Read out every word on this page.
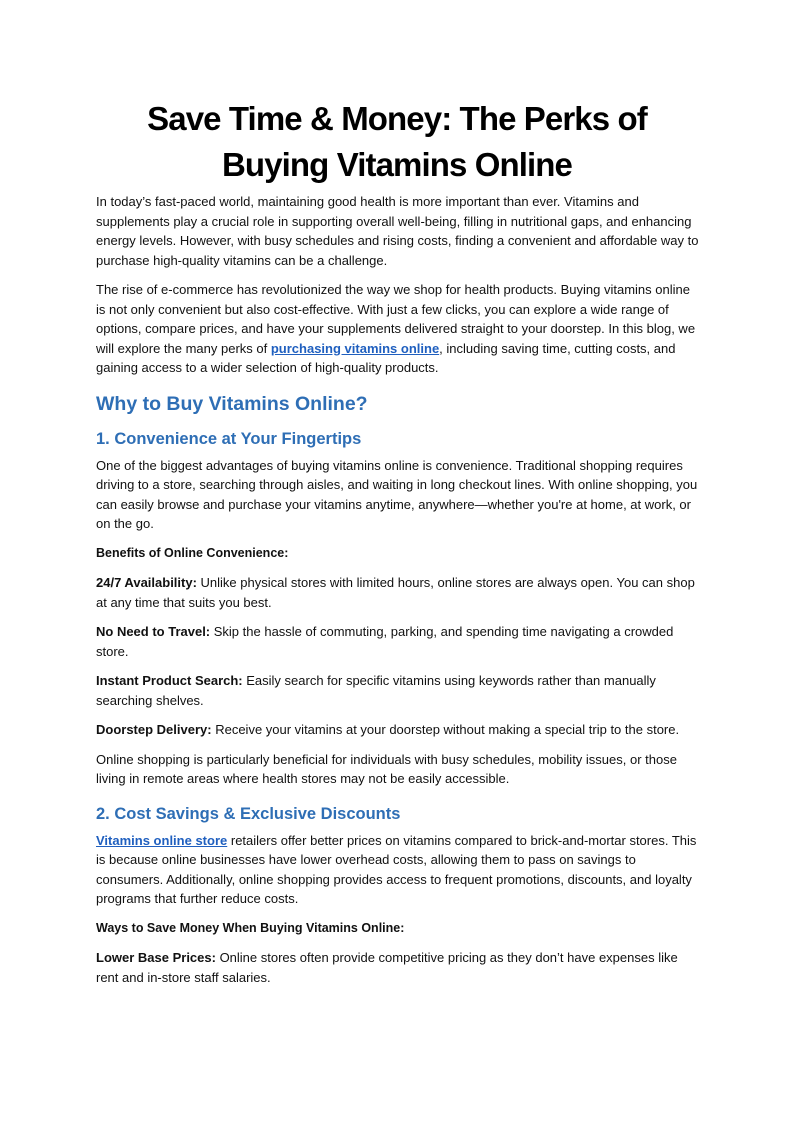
Save Time & Money: The Perks of
Buying Vitamins Online

In today’s fast-paced world, maintaining good health is more important than ever. Vitamins and supplements play a crucial role in supporting overall well-being, filling in nutritional gaps, and enhancing energy levels. However, with busy schedules and rising costs, finding a convenient and affordable way to purchase high-quality vitamins can be a challenge.

The rise of e-commerce has revolutionized the way we shop for health products. Buying vitamins online is not only convenient but also cost-effective. With just a few clicks, you can explore a wide range of options, compare prices, and have your supplements delivered straight to your doorstep. In this blog, we will explore the many perks of purchasing vitamins online, including saving time, cutting costs, and gaining access to a wider selection of high-quality products.

Why to Buy Vitamins Online?
1. Convenience at Your Fingertips

One of the biggest advantages of buying vitamins online is convenience. Traditional shopping requires driving to a store, searching through aisles, and waiting in long checkout lines. With online shopping, you can easily browse and purchase your vitamins anytime, anywhere—whether you're at home, at work, or on the go.

Benefits of Online Convenience:

24/7 Availability: Unlike physical stores with limited hours, online stores are always open. You can shop at any time that suits you best.

No Need to Travel: Skip the hassle of commuting, parking, and spending time navigating a crowded store.

Instant Product Search: Easily search for specific vitamins using keywords rather than manually searching shelves.

Doorstep Delivery: Receive your vitamins at your doorstep without making a special trip to the store.

Online shopping is particularly beneficial for individuals with busy schedules, mobility issues, or those living in remote areas where health stores may not be easily accessible.

2. Cost Savings & Exclusive Discounts

Vitamins online store retailers offer better prices on vitamins compared to brick-and-mortar stores. This is because online businesses have lower overhead costs, allowing them to pass on savings to consumers. Additionally, online shopping provides access to frequent promotions, discounts, and loyalty programs that further reduce costs.

Ways to Save Money When Buying Vitamins Online:

Lower Base Prices: Online stores often provide competitive pricing as they don’t have expenses like rent and in-store staff salaries.
